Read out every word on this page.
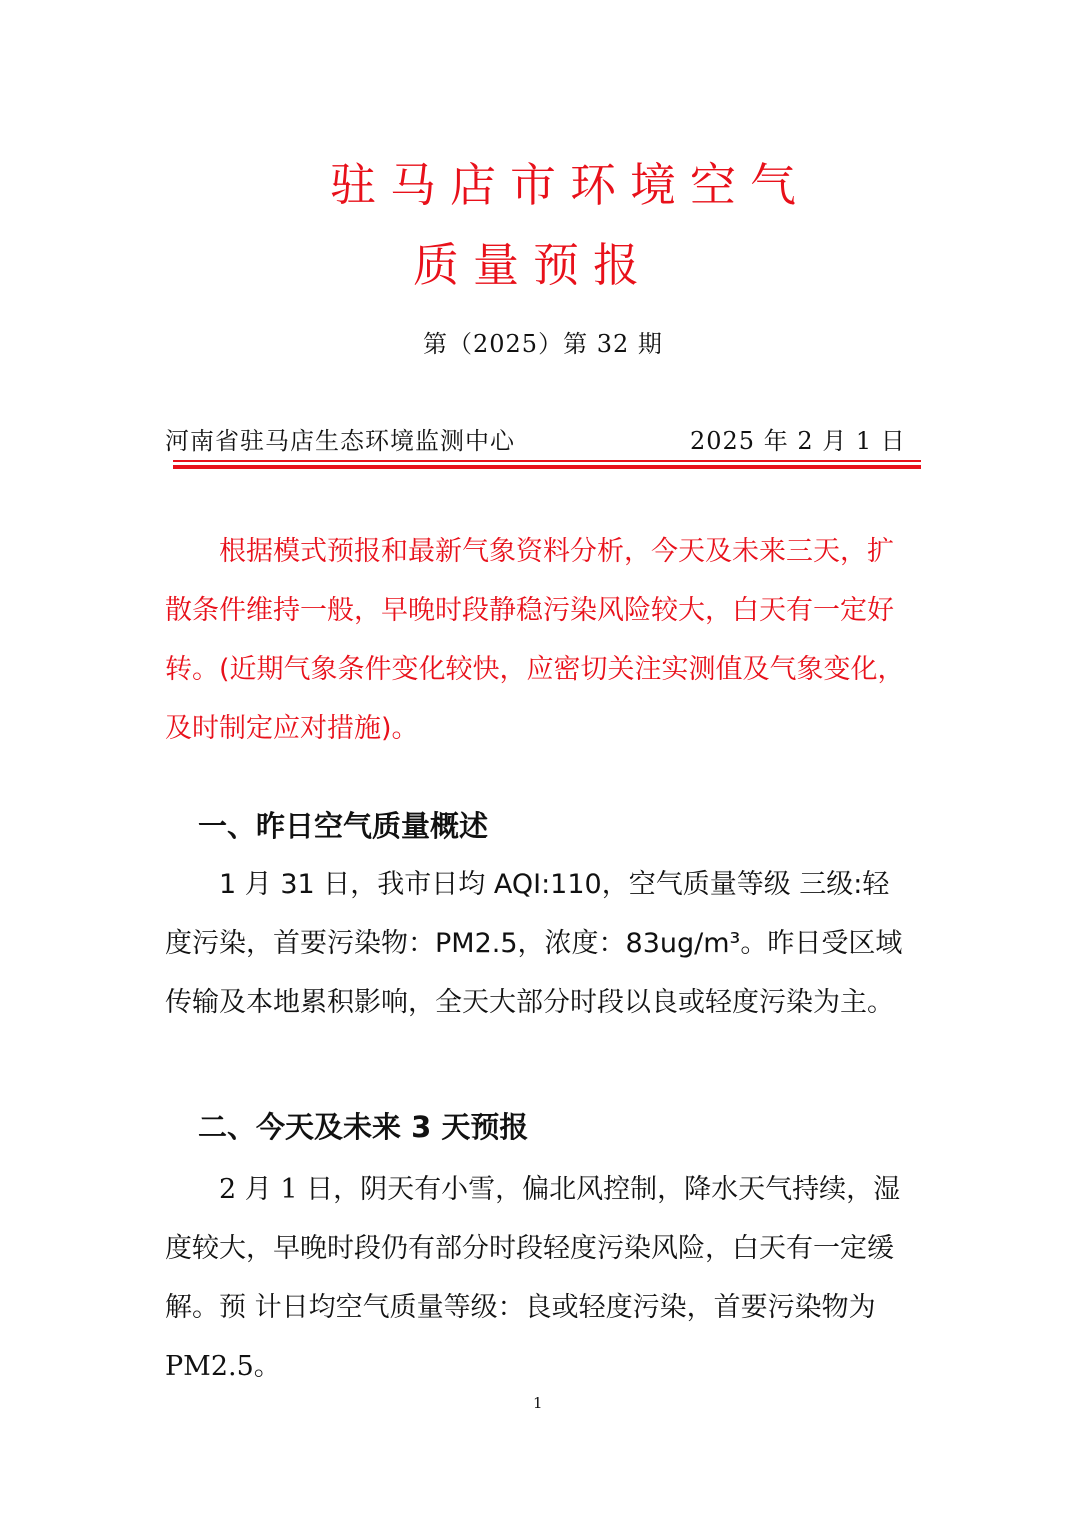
驻马店市环境空气
质量预报
第（2025）第 32 期
河南省驻马店生态环境监测中心	2025 年 2 月 1 日

根据模式预报和最新气象资料分析，今天及未来三天，扩散条件维持一般，早晚时段静稳污染风险较大，白天有一定好转。(近期气象条件变化较快，应密切关注实测值及气象变化，及时制定应对措施)。

一、昨日空气质量概述

1 月 31 日，我市日均 AQI:110，空气质量等级 三级:轻度污染，首要污染物：PM2.5，浓度：83ug/m³。昨日受区域传输及本地累积影响，全天大部分时段以良或轻度污染为主。

二、今天及未来 3 天预报

2 月 1 日，阴天有小雪，偏北风控制，降水天气持续，湿度较大，早晚时段仍有部分时段轻度污染风险，白天有一定缓解。预 计日均空气质量等级：良或轻度污染，首要污染物为 PM2.5。

1
